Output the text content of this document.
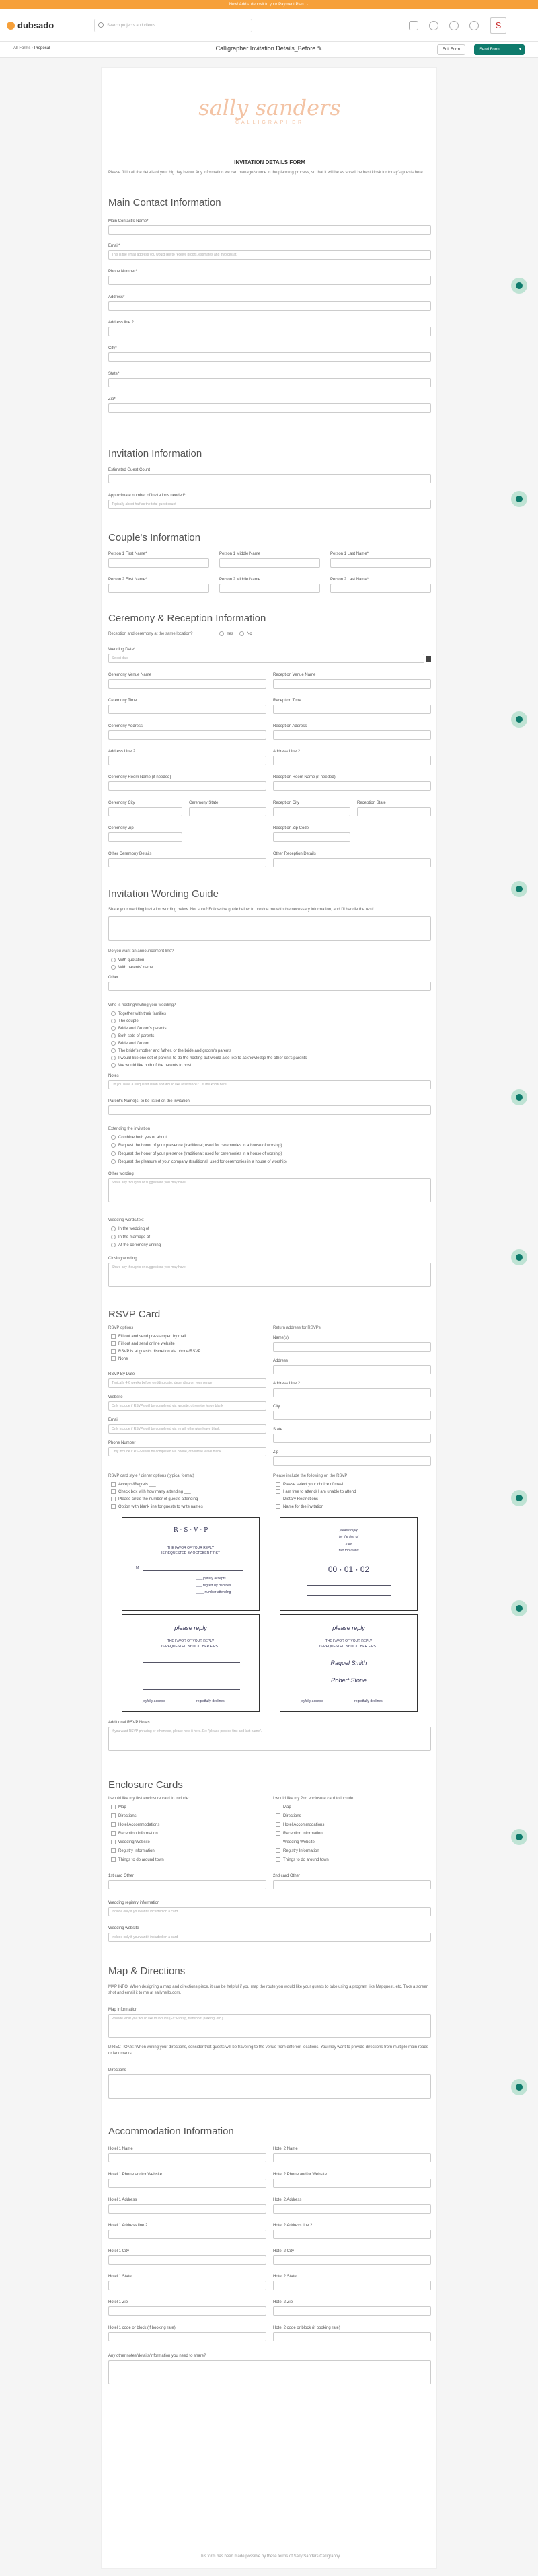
New! Add a deposit to your Payment Plan →
dubsado	Search projects and clients	S
All Forms › Proposal	Calligrapher Invitation Details_Before ✎	Edit Form	Send Form	▾
sally sanders
CALLIGRAPHER
INVITATION DETAILS FORM
Please fill in all the details of your big day below. Any information we can manage/source in the planning process, so that it will be as so will be best kiosk for today's guests here.
Main Contact Information
Main Contact's Name*
Email*
This is the email address you would like to receive proofs, estimates and invoices at.
Phone Number*
Address*
Address line 2
City*
State*
Zip*
Invitation Information
Estimated Guest Count
Approximate number of invitations needed*
Typically about half as the total guest count
Couple's Information
Person 1 First Name*	Person 1 Middle Name	Person 1 Last Name*
Person 2 First Name*	Person 2 Middle Name	Person 2 Last Name*
Ceremony & Reception Information
Reception and ceremony at the same location?	Yes	No
Wedding Date*
Select date
Ceremony Venue Name	Reception Venue Name
Ceremony Time	Reception Time
Ceremony Address	Reception Address
Address Line 2	Address Line 2
Ceremony Room Name (if needed)	Reception Room Name (if needed)
Ceremony City	Ceremony State	Reception City	Reception State
Ceremony Zip	Reception Zip Code
Other Ceremony Details	Other Reception Details
Invitation Wording Guide
Share your wedding invitation wording below. Not sure? Follow the guide below to provide me with the necessary information, and I'll handle the rest!
Do you want an announcement line?
With quotation
With parents' name
Other
Who is hosting/inviting your wedding?
Notes
Do you have a unique situation and would like assistance? Let me know here
Parent's Name(s) to be listed on the invitation
Extending the invitation
Other wording
Share any thoughts or suggestions you may have.
Wedding words/text
Closing wording
Share any thoughts or suggestions you may have.
RSVP Card
RSVP options	Return address for RSVPs
Name(s)
Address
RSVP By Date
Typically 4-6 weeks before wedding date, depending on your venue	Address Line 2
Website
Only include if RSVPs will be completed via website, otherwise leave blank	City
Email
Only include if RSVPs will be completed via email, otherwise leave blank	State
Phone Number
Only include if RSVPs will be completed via phone, otherwise leave blank	Zip
RSVP card style / dinner options (typical format)	Please include the following on the RSVP
R · S · V · P
THE FAVOR OF YOUR REPLY
IS REQUESTED BY OCTOBER FIRST
M_
___ joyfully accepts
___ regretfully declines
____ number attending
please reply
by the first of
may
two thousand
00 · 01 · 02
please reply
THE FAVOR OF YOUR REPLY
IS REQUESTED BY OCTOBER FIRST
joyfully accepts	regretfully declines
please reply
THE FAVOR OF YOUR REPLY
IS REQUESTED BY OCTOBER FIRST
Raquel Smith
Robert Stone
joyfully accepts	regretfully declines
Additional RSVP Notes
If you want RSVP phrasing or otherwise, please note it here. Ex: "please provide first and last name".
Enclosure Cards
I would like my first enclosure card to include:	I would like my 2nd enclosure card to include:
1st card Other	2nd card Other
Wedding registry information
Include only if you want it included on a card
Wedding website
Include only if you want it included on a card
Map & Directions
MAP INFO: When designing a map and directions piece, it can be helpful if you map the route you would like your guests to take using a program like Mapquest, etc. Take a screen shot and email it to me at sallyhello.com.
Map Information
Provide what you would like to include (Ex: Pickup, transport, parking, etc.)
DIRECTIONS: When writing your directions, consider that guests will be traveling to the venue from different locations. You may want to provide directions from multiple main roads or landmarks.
Directions
Accommodation Information
Hotel 1 Name	Hotel 2 Name
Hotel 1 Phone and/or Website	Hotel 2 Phone and/or Website
Hotel 1 Address	Hotel 2 Address
Hotel 1 Address line 2	Hotel 2 Address line 2
Hotel 1 City	Hotel 2 City
Hotel 1 State	Hotel 2 State
Hotel 1 Zip	Hotel 2 Zip
Hotel 1 code or block (if booking rate)	Hotel 2 code or block (if booking rate)
Any other notes/details/information you need to share?
This form has been made possible by these terms of Sally Sanders Calligraphy.
Together with their families
The couple
Bride and Groom's parents
Both sets of parents
Bride and Groom
The bride's mother and father, or the bride and groom's parents
I would like one set of parents to do the hosting but would also like to acknowledge the other set's parents
We would like both of the parents to host
Combine both yes or about
Request the honor of your presence (traditional; used for ceremonies in a house of worship)
Request the honor of your presence (traditional; used for ceremonies in a house of worship)
Request the pleasure of your company (traditional; used for ceremonies in a house of worship)
In the wedding of
In the marriage of
At the ceremony uniting
Fill out and send pre-stamped by mail
Fill out and send online website
RSVP is at guest's discretion via phone/RSVP
None
Accepts/Regrets ___
Check box with how many attending ___
Please circle the number of guests attending
Option with blank line for guests to write names
Please select your choice of meal
I am free to attend/ I am unable to attend
Dietary Restrictions ____
Name for the invitation
Map
Directions
Hotel Accommodations
Reception Information
Wedding Website
Registry Information
Things to do around town
Map
Directions
Hotel Accommodations
Reception Information
Wedding Website
Registry Information
Things to do around town
